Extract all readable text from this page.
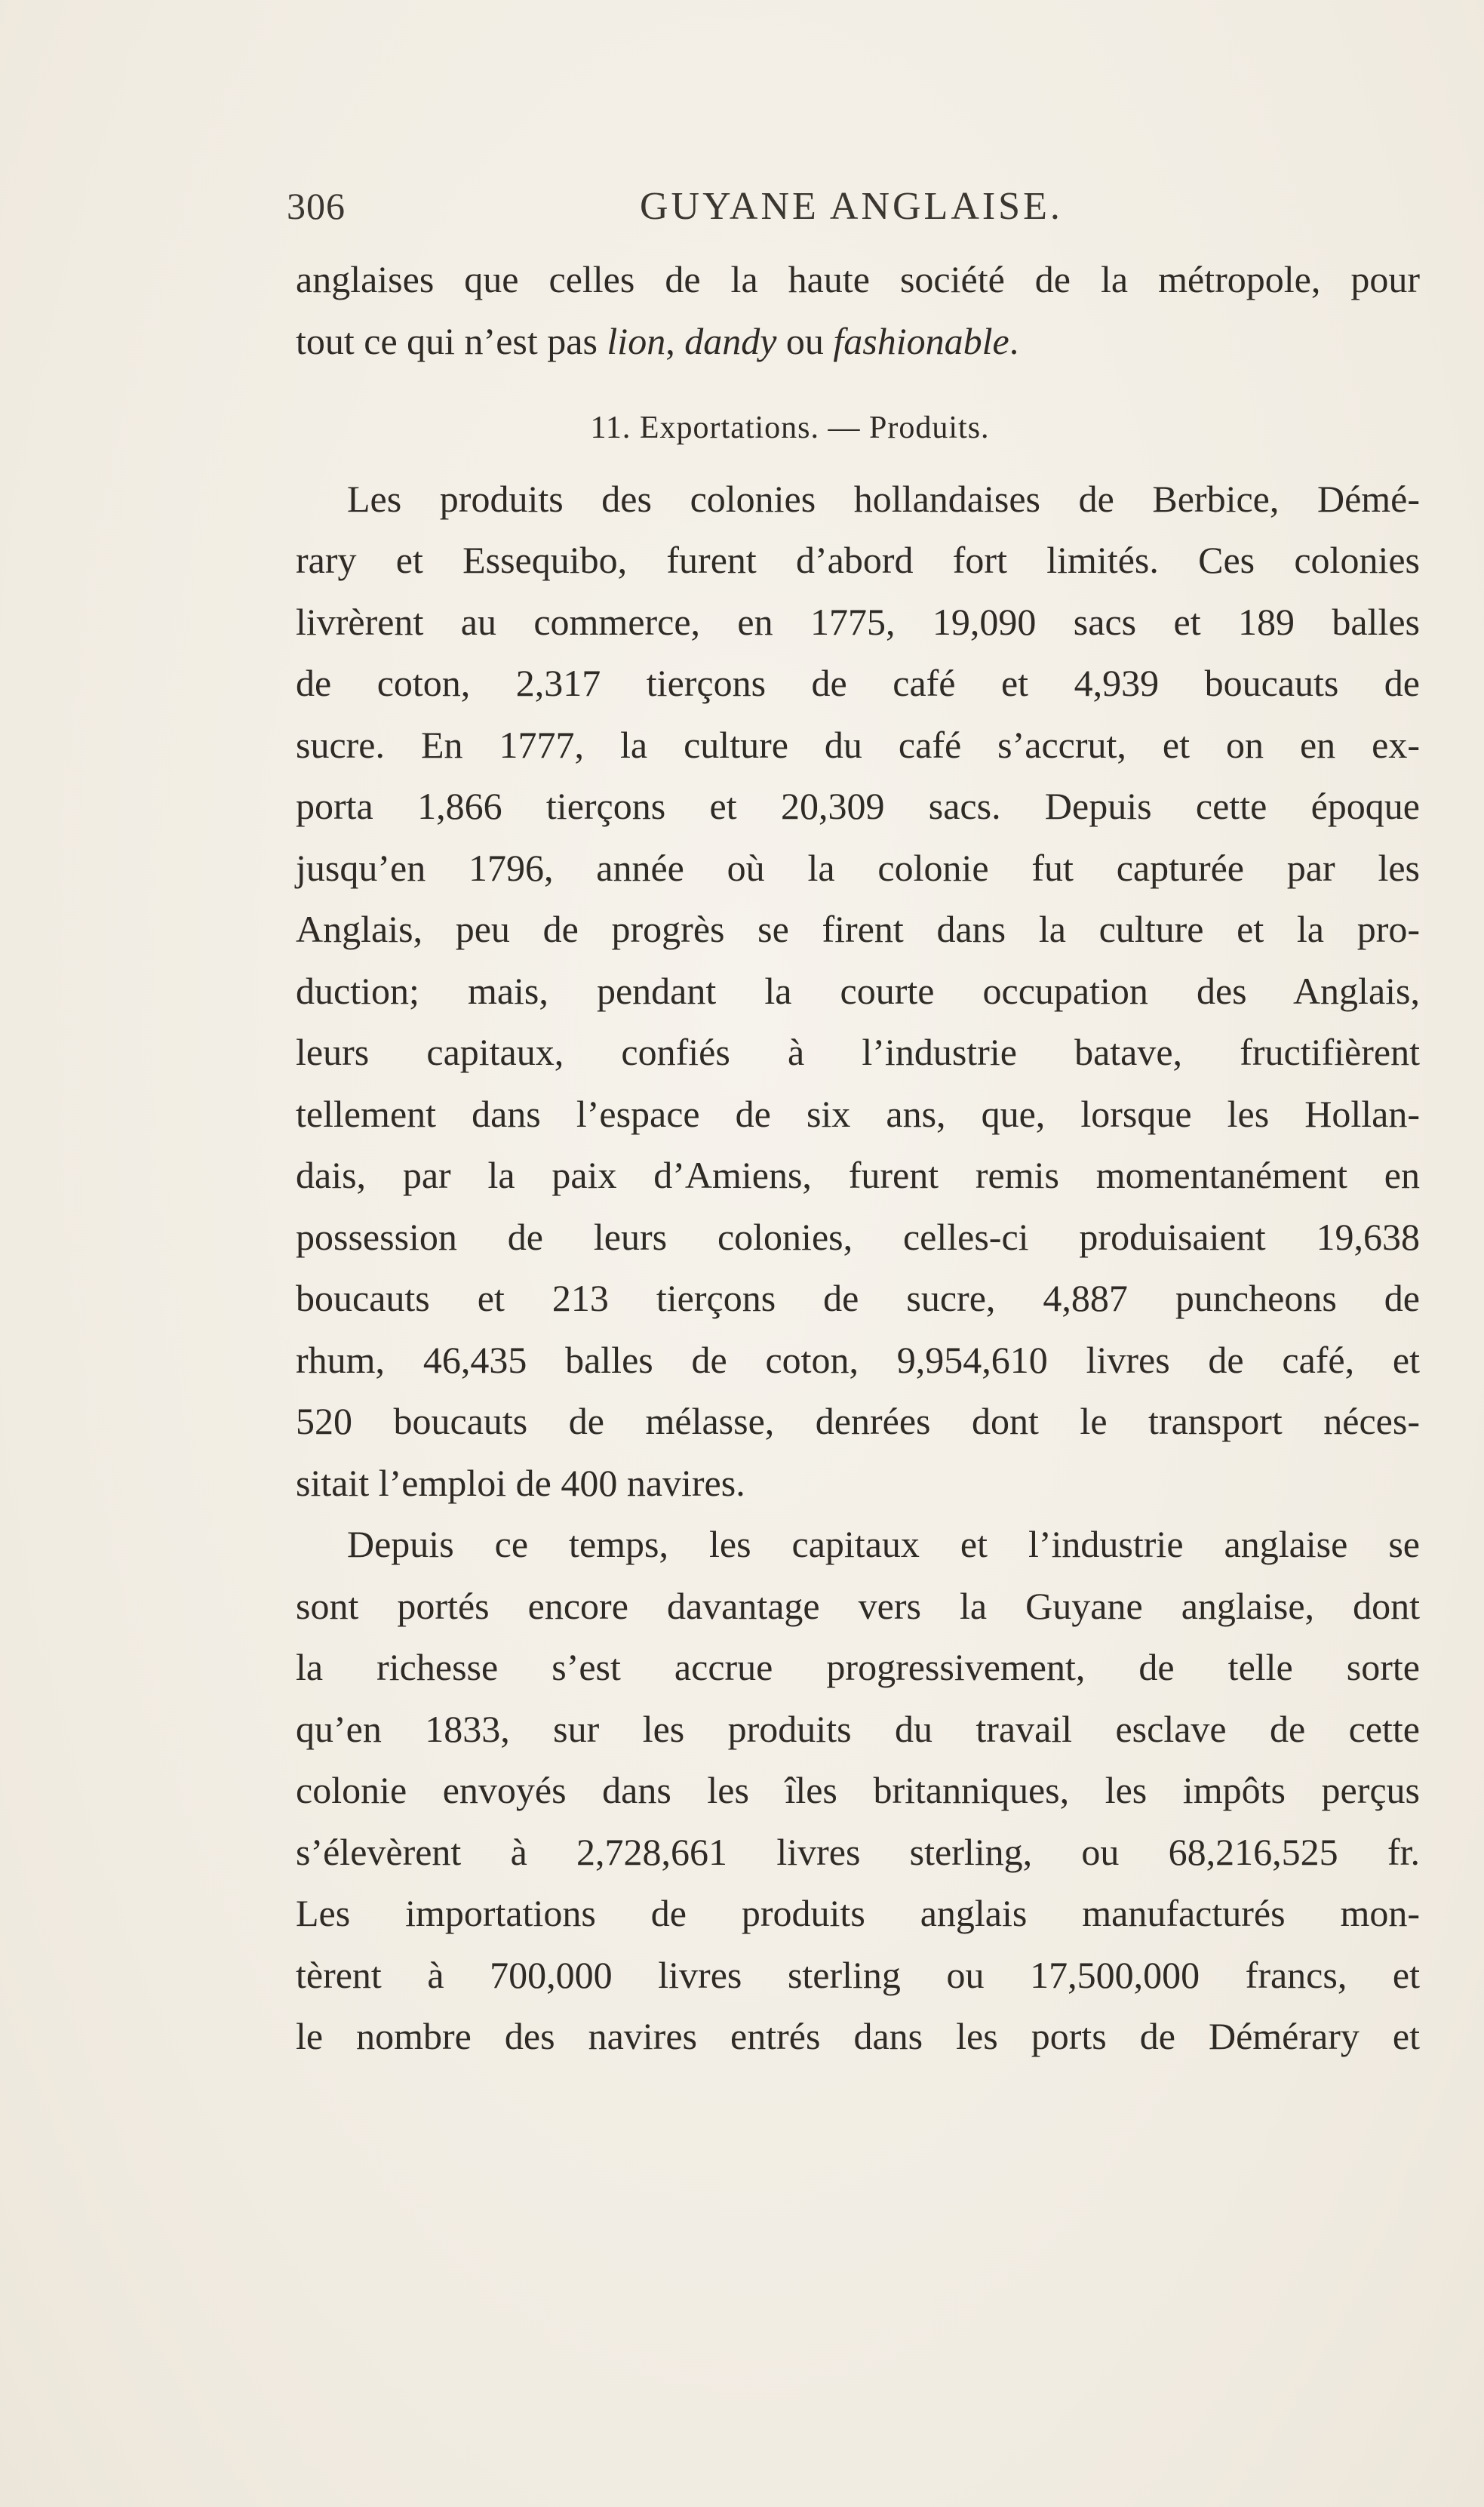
306	GUYANE ANGLAISE.
anglaises que celles de la haute société de la métropole, pour
tout ce qui n’est pas lion, dandy ou fashionable.
11. Exportations. — Produits.
Les produits des colonies hollandaises de Berbice, Démé-
rary et Essequibo, furent d’abord fort limités. Ces colonies
livrèrent au commerce, en 1775, 19,090 sacs et 189 balles
de coton, 2,317 tierçons de café et 4,939 boucauts de
sucre. En 1777, la culture du café s’accrut, et on en ex-
porta 1,866 tierçons et 20,309 sacs. Depuis cette époque
jusqu’en 1796, année où la colonie fut capturée par les
Anglais, peu de progrès se firent dans la culture et la pro-
duction; mais, pendant la courte occupation des Anglais,
leurs capitaux, confiés à l’industrie batave, fructifièrent
tellement dans l’espace de six ans, que, lorsque les Hollan-
dais, par la paix d’Amiens, furent remis momentanément en
possession de leurs colonies, celles-ci produisaient 19,638
boucauts et 213 tierçons de sucre, 4,887 puncheons de
rhum, 46,435 balles de coton, 9,954,610 livres de café, et
520 boucauts de mélasse, denrées dont le transport néces-
sitait l’emploi de 400 navires.
Depuis ce temps, les capitaux et l’industrie anglaise se
sont portés encore davantage vers la Guyane anglaise, dont
la richesse s’est accrue progressivement, de telle sorte
qu’en 1833, sur les produits du travail esclave de cette
colonie envoyés dans les îles britanniques, les impôts perçus
s’élevèrent à 2,728,661 livres sterling, ou 68,216,525 fr.
Les importations de produits anglais manufacturés mon-
tèrent à 700,000 livres sterling ou 17,500,000 francs, et
le nombre des navires entrés dans les ports de Démérary et
